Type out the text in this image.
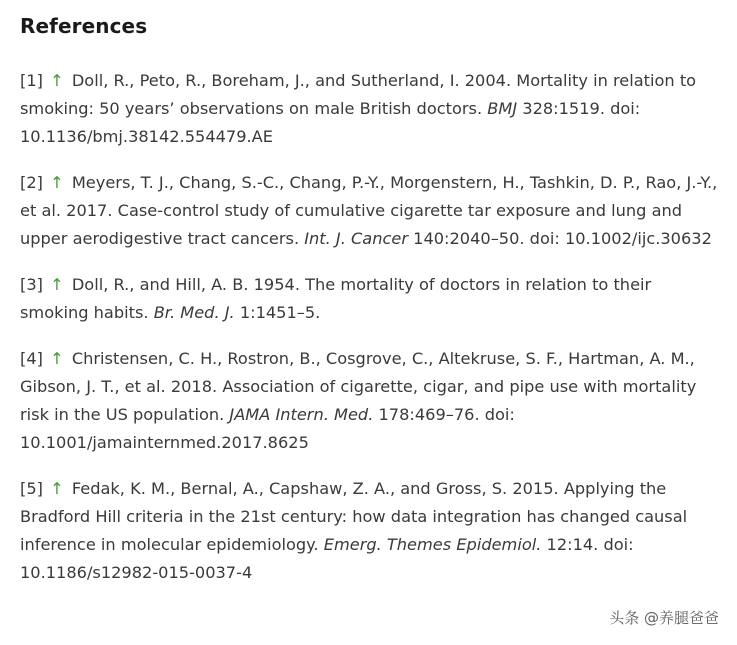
References
[1] ↑ Doll, R., Peto, R., Boreham, J., and Sutherland, I. 2004. Mortality in relation to smoking: 50 years’ observations on male British doctors. BMJ 328:1519. doi: 10.1136/bmj.38142.554479.AE
[2] ↑ Meyers, T. J., Chang, S.-C., Chang, P.-Y., Morgenstern, H., Tashkin, D. P., Rao, J.-Y., et al. 2017. Case-control study of cumulative cigarette tar exposure and lung and upper aerodigestive tract cancers. Int. J. Cancer 140:2040–50. doi: 10.1002/ijc.30632
[3] ↑ Doll, R., and Hill, A. B. 1954. The mortality of doctors in relation to their smoking habits. Br. Med. J. 1:1451–5.
[4] ↑ Christensen, C. H., Rostron, B., Cosgrove, C., Altekruse, S. F., Hartman, A. M., Gibson, J. T., et al. 2018. Association of cigarette, cigar, and pipe use with mortality risk in the US population. JAMA Intern. Med. 178:469–76. doi: 10.1001/jamainternmed.2017.8625
[5] ↑ Fedak, K. M., Bernal, A., Capshaw, Z. A., and Gross, S. 2015. Applying the Bradford Hill criteria in the 21st century: how data integration has changed causal inference in molecular epidemiology. Emerg. Themes Epidemiol. 12:14. doi: 10.1186/s12982-015-0037-4
头条 @养腿爸爸
